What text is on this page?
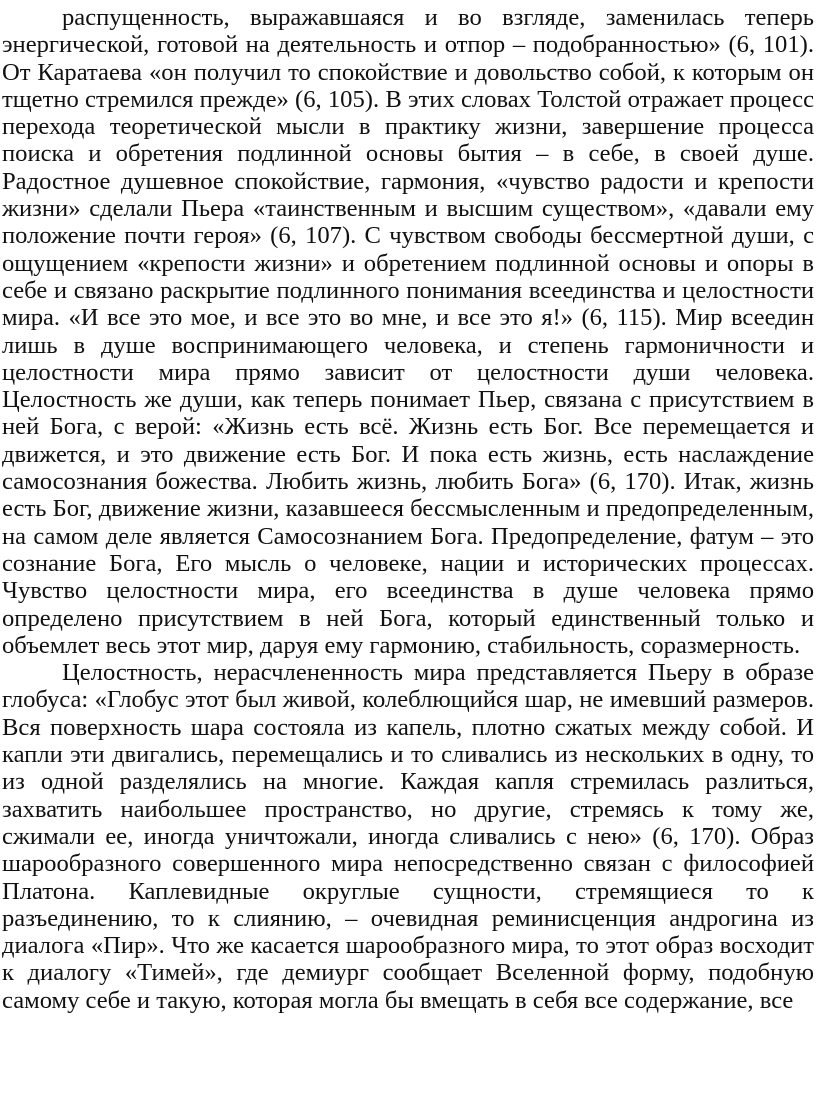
распущенность, выражавшаяся и во взгляде, заменилась теперь энергической, готовой на деятельность и отпор – подобранностью» (6, 101). От Каратаева «он получил то спокойствие и довольство собой, к которым он тщетно стремился прежде» (6, 105). В этих словах Толстой отражает процесс перехода теоретической мысли в практику жизни, завершение процесса поиска и обретения подлинной основы бытия – в себе, в своей душе. Радостное душевное спокойствие, гармония, «чувство радости и крепости жизни» сделали Пьера «таинственным и высшим существом», «давали ему положение почти героя» (6, 107). С чувством свободы бессмертной души, с ощущением «крепости жизни» и обретением подлинной основы и опоры в себе и связано раскрытие подлинного понимания всеединства и целостности мира. «И все это мое, и все это во мне, и все это я!» (6, 115). Мир всеедин лишь в душе воспринимающего человека, и степень гармоничности и целостности мира прямо зависит от целостности души человека. Целостность же души, как теперь понимает Пьер, связана с присутствием в ней Бога, с верой: «Жизнь есть всё. Жизнь есть Бог. Все перемещается и движется, и это движение есть Бог. И пока есть жизнь, есть наслаждение самосознания божества. Любить жизнь, любить Бога» (6, 170). Итак, жизнь есть Бог, движение жизни, казавшееся бессмысленным и предопределенным, на самом деле является Самосознанием Бога. Предопределение, фатум – это сознание Бога, Его мысль о человеке, нации и исторических процессах. Чувство целостности мира, его всеединства в душе человека прямо определено присутствием в ней Бога, который единственный только и объемлет весь этот мир, даруя ему гармонию, стабильность, соразмерность.

Целостность, нерасчлененность мира представляется Пьеру в образе глобуса: «Глобус этот был живой, колеблющийся шар, не имевший размеров. Вся поверхность шара состояла из капель, плотно сжатых между собой. И капли эти двигались, перемещались и то сливались из нескольких в одну, то из одной разделялись на многие. Каждая капля стремилась разлиться, захватить наибольшее пространство, но другие, стремясь к тому же, сжимали ее, иногда уничтожали, иногда сливались с нею» (6, 170). Образ шарообразного совершенного мира непосредственно связан с философией Платона. Каплевидные округлые сущности, стремящиеся то к разъединению, то к слиянию, – очевидная реминисценция андрогина из диалога «Пир». Что же касается шарообразного мира, то этот образ восходит к диалогу «Тимей», где демиург сообщает Вселенной форму, подобную самому себе и такую, которая могла бы вмещать в себя все содержание, все
